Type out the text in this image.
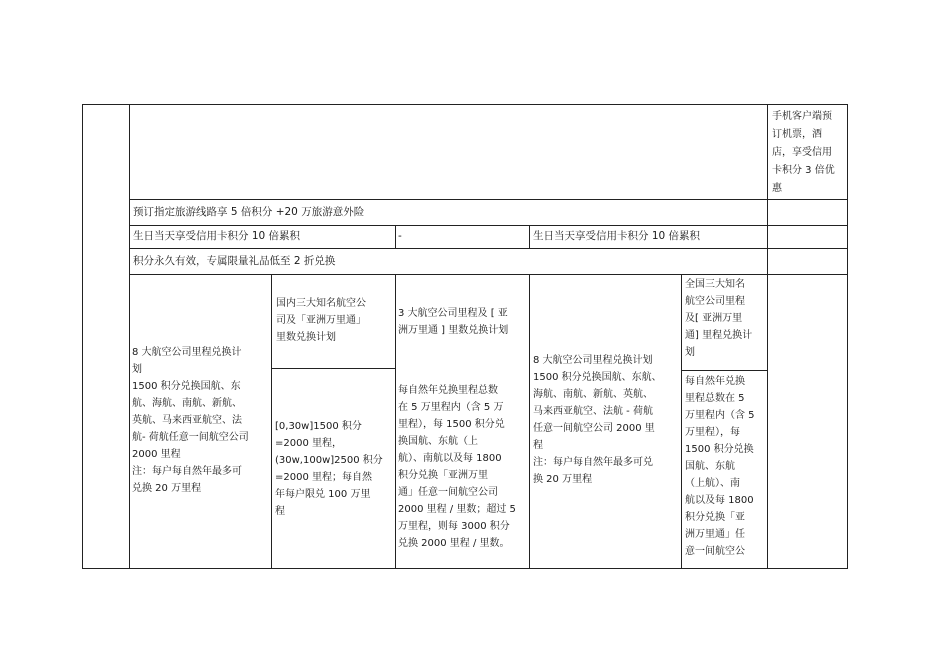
手机客户端预
订机票，酒
店，享受信用
卡积分 3 倍优
惠
预订指定旅游线路享 5 倍积分 +20 万旅游意外险
生日当天享受信用卡积分 10 倍累积	-	生日当天享受信用卡积分 10 倍累积
积分永久有效，专属限量礼品低至 2 折兑换
8 大航空公司里程兑换计
划
1500 积分兑换国航、东
航、海航、南航、新航、
英航、马来西亚航空、法
航- 荷航任意一间航空公司
2000 里程
注：每户每自然年最多可
兑换 20 万里程
国内三大知名航空公
司及「亚洲万里通」
里数兑换计划
[0,30w]1500 积分
=2000 里程，
(30w,100w]2500 积分
=2000 里程；每自然
年每户限兑 100 万里
程
3 大航空公司里程及 [ 亚
洲万里通 ] 里数兑换计划
每自然年兑换里程总数
在 5 万里程内（含 5 万
里程），每 1500 积分兑
换国航、东航（上
航）、南航以及每 1800
积分兑换「亚洲万里
通」任意一间航空公司
2000 里程 / 里数；超过 5
万里程，则每 3000 积分
兑换 2000 里程 / 里数。
8 大航空公司里程兑换计划
1500 积分兑换国航、东航、
海航、南航、新航、英航、
马来西亚航空、法航 - 荷航
任意一间航空公司 2000 里
程
注：每户每自然年最多可兑
换 20 万里程
全国三大知名
航空公司里程
及[ 亚洲万里
通] 里程兑换计
划
每自然年兑换
里程总数在 5
万里程内（含 5
万里程），每
1500 积分兑换
国航、东航
（上航）、南
航以及每 1800
积分兑换「亚
洲万里通」任
意一间航空公
